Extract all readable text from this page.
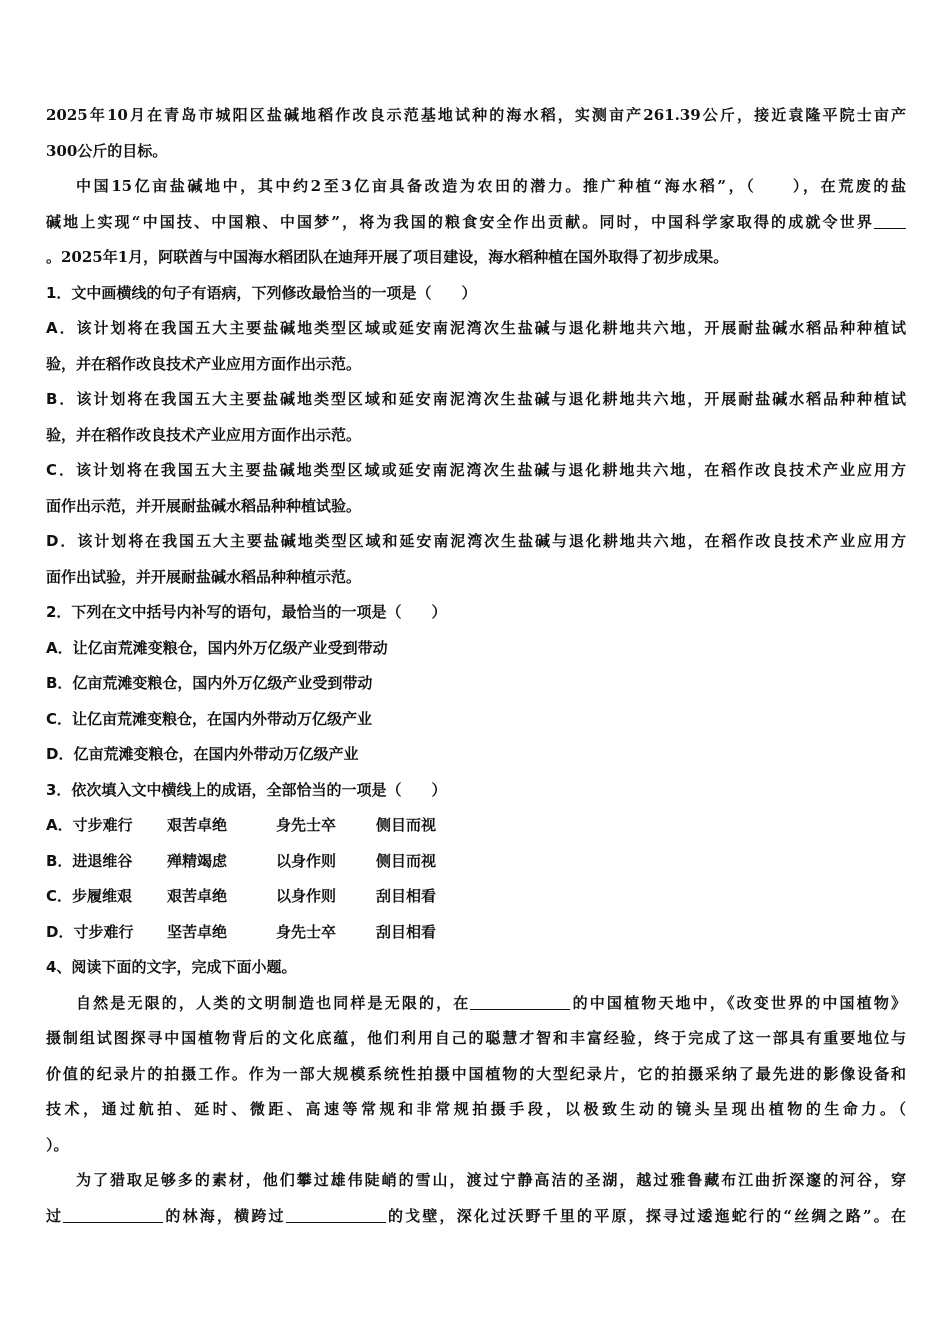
2025年10月在青岛市城阳区盐碱地稻作改良示范基地试种的海水稻，实测亩产261.39公斤，接近袁隆平院士亩产
300公斤的目标。
中国15亿亩盐碱地中，其中约2至3亿亩具备改造为农田的潜力。推广种植“海水稻”，（ ），在荒废的盐
碱地上实现“中国技、中国粮、中国梦”，将为我国的粮食安全作出贡献。同时，中国科学家取得的成就令世界
。2025年1月，阿联酋与中国海水稻团队在迪拜开展了项目建设，海水稻种植在国外取得了初步成果。
1．文中画横线的句子有语病，下列修改最恰当的一项是（　　）
A．该计划将在我国五大主要盐碱地类型区域或延安南泥湾次生盐碱与退化耕地共六地，开展耐盐碱水稻品种种植试
验，并在稻作改良技术产业应用方面作出示范。
B．该计划将在我国五大主要盐碱地类型区域和延安南泥湾次生盐碱与退化耕地共六地，开展耐盐碱水稻品种种植试
验，并在稻作改良技术产业应用方面作出示范。
C．该计划将在我国五大主要盐碱地类型区域或延安南泥湾次生盐碱与退化耕地共六地，在稻作改良技术产业应用方
面作出示范，并开展耐盐碱水稻品种种植试验。
D．该计划将在我国五大主要盐碱地类型区域和延安南泥湾次生盐碱与退化耕地共六地，在稻作改良技术产业应用方
面作出试验，并开展耐盐碱水稻品种种植示范。
2．下列在文中括号内补写的语句，最恰当的一项是（　　）
A．让亿亩荒滩变粮仓，国内外万亿级产业受到带动
B．亿亩荒滩变粮仓，国内外万亿级产业受到带动
C．让亿亩荒滩变粮仓，在国内外带动万亿级产业
D．亿亩荒滩变粮仓，在国内外带动万亿级产业
3．依次填入文中横线上的成语，全部恰当的一项是（　　）
A．寸步难行 艰苦卓绝	身先士卒	侧目而视
B．进退维谷 殚精竭虑	以身作则	侧目而视
C．步履维艰 艰苦卓绝	以身作则	刮目相看
D．寸步难行 坚苦卓绝	身先士卒	刮目相看
4、阅读下面的文字，完成下面小题。
自然是无限的，人类的文明制造也同样是无限的，在	的中国植物天地中，《改变世界的中国植物》
摄制组试图探寻中国植物背后的文化底蕴，他们利用自己的聪慧才智和丰富经验，终于完成了这一部具有重要地位与
价值的纪录片的拍摄工作。作为一部大规模系统性拍摄中国植物的大型纪录片，它的拍摄采纳了最先进的影像设备和
技术，通过航拍、延时、微距、高速等常规和非常规拍摄手段，以极致生动的镜头呈现出植物的生命力。（
）。
为了猎取足够多的素材，他们攀过雄伟陡峭的雪山，渡过宁静高洁的圣湖，越过雅鲁藏布江曲折深邃的河谷，穿
过	的林海，横跨过	的戈壁，深化过沃野千里的平原，探寻过逶迤蛇行的“丝绸之路”。在
